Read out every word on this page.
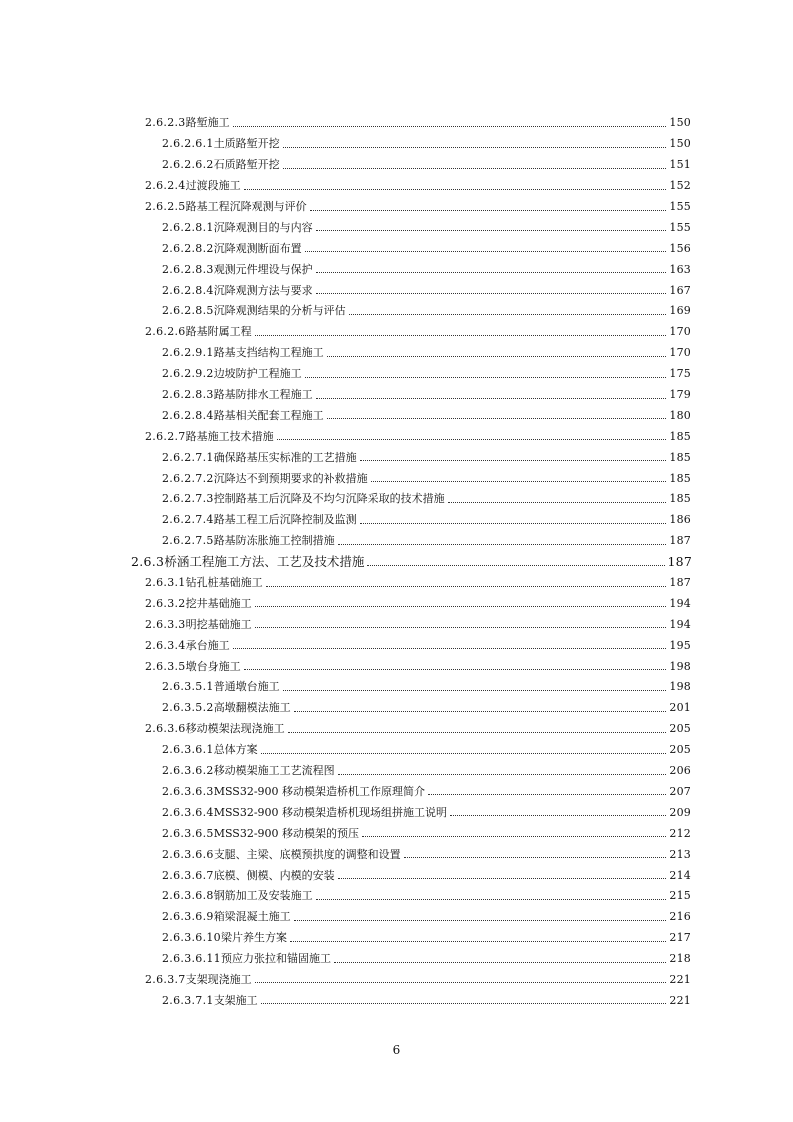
2.6.2.3 路堑施工	150
2.6.2.6.1 土质路堑开挖	150
2.6.2.6.2 石质路堑开挖	151
2.6.2.4 过渡段施工	152
2.6.2.5 路基工程沉降观测与评价	155
2.6.2.8.1 沉降观测目的与内容	155
2.6.2.8.2 沉降观测断面布置	156
2.6.2.8.3 观测元件埋设与保护	163
2.6.2.8.4 沉降观测方法与要求	167
2.6.2.8.5 沉降观测结果的分析与评估	169
2.6.2.6 路基附属工程	170
2.6.2.9.1 路基支挡结构工程施工	170
2.6.2.9.2 边坡防护工程施工	175
2.6.2.8.3 路基防排水工程施工	179
2.6.2.8.4 路基相关配套工程施工	180
2.6.2.7 路基施工技术措施	185
2.6.2.7.1 确保路基压实标准的工艺措施	185
2.6.2.7.2 沉降达不到预期要求的补救措施	185
2.6.2.7.3 控制路基工后沉降及不均匀沉降采取的技术措施	185
2.6.2.7.4 路基工程工后沉降控制及监测	186
2.6.2.7.5 路基防冻胀施工控制措施	187
2.6.3 桥涵工程施工方法、工艺及技术措施	187
2.6.3.1 钻孔桩基础施工	187
2.6.3.2 挖井基础施工	194
2.6.3.3 明挖基础施工	194
2.6.3.4 承台施工	195
2.6.3.5 墩台身施工	198
2.6.3.5.1 普通墩台施工	198
2.6.3.5.2 高墩翻模法施工	201
2.6.3.6 移动模架法现浇施工	205
2.6.3.6.1 总体方案	205
2.6.3.6.2 移动模架施工工艺流程图	206
2.6.3.6.3 MSS32-900 移动模架造桥机工作原理简介	207
2.6.3.6.4 MSS32-900 移动模架造桥机现场组拼施工说明	209
2.6.3.6.5 MSS32-900 移动模架的预压	212
2.6.3.6.6 支腿、主梁、底模预拱度的调整和设置	213
2.6.3.6.7 底模、侧模、内模的安装	214
2.6.3.6.8 钢筋加工及安装施工	215
2.6.3.6.9 箱梁混凝土施工	216
2.6.3.6.10 梁片养生方案	217
2.6.3.6.11 预应力张拉和锚固施工	218
2.6.3.7 支架现浇施工	221
2.6.3.7.1 支架施工	221
6
